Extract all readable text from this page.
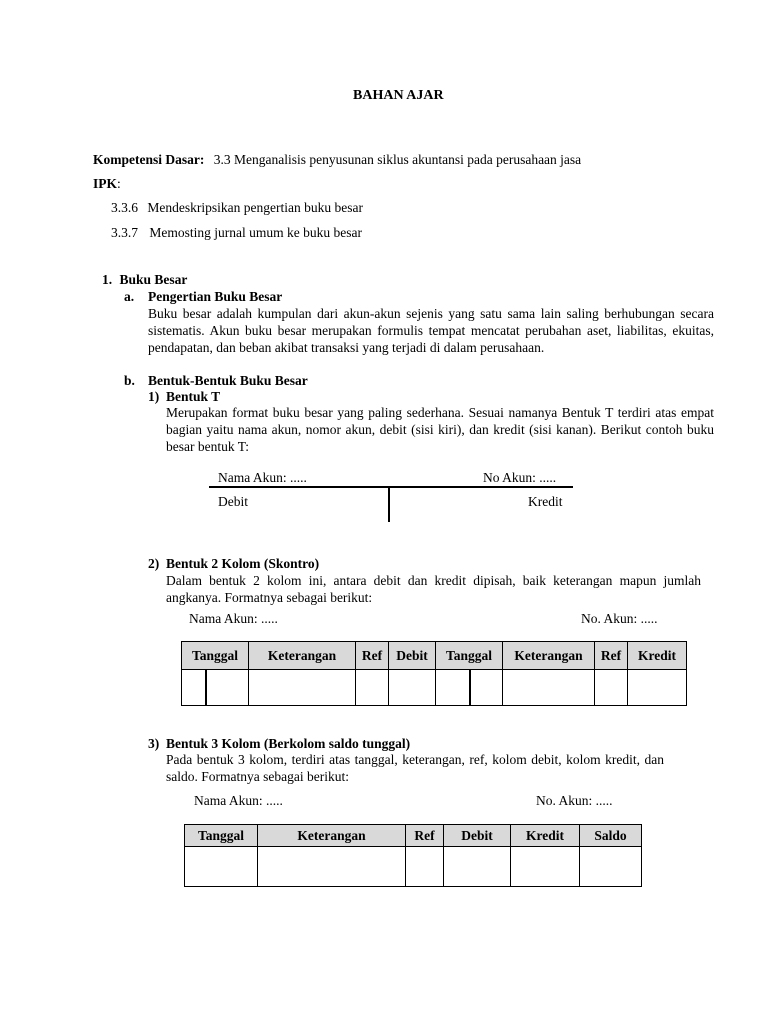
BAHAN AJAR
Kompetensi Dasar: 3.3 Menganalisis penyusunan siklus akuntansi pada perusahaan jasa
IPK:
3.3.6 Mendeskripsikan pengertian buku besar
3.3.7 Memosting jurnal umum ke buku besar
1. Buku Besar
a. Pengertian Buku Besar
Buku besar adalah kumpulan dari akun-akun sejenis yang satu sama lain saling berhubungan secara sistematis. Akun buku besar merupakan formulis tempat mencatat perubahan aset, liabilitas, ekuitas, pendapatan, dan beban akibat transaksi yang terjadi di dalam perusahaan.
b. Bentuk-Bentuk Buku Besar
1) Bentuk T
Merupakan format buku besar yang paling sederhana. Sesuai namanya Bentuk T terdiri atas empat bagian yaitu nama akun, nomor akun, debit (sisi kiri), dan kredit (sisi kanan). Berikut contoh buku besar bentuk T:
Nama Akun: .....	No Akun: .....
Debit	Kredit
2) Bentuk 2 Kolom (Skontro)
Dalam bentuk 2 kolom ini, antara debit dan kredit dipisah, baik keterangan mapun jumlah angkanya. Formatnya sebagai berikut:
Nama Akun: .....	No. Akun: .....
Tanggal	Keterangan	Ref	Debit	Tanggal	Keterangan	Ref	Kredit

3) Bentuk 3 Kolom (Berkolom saldo tunggal)
Pada bentuk 3 kolom, terdiri atas tanggal, keterangan, ref, kolom debit, kolom kredit, dan saldo. Formatnya sebagai berikut:
Nama Akun: .....	No. Akun: .....
Tanggal	Keterangan	Ref	Debit	Kredit	Saldo
